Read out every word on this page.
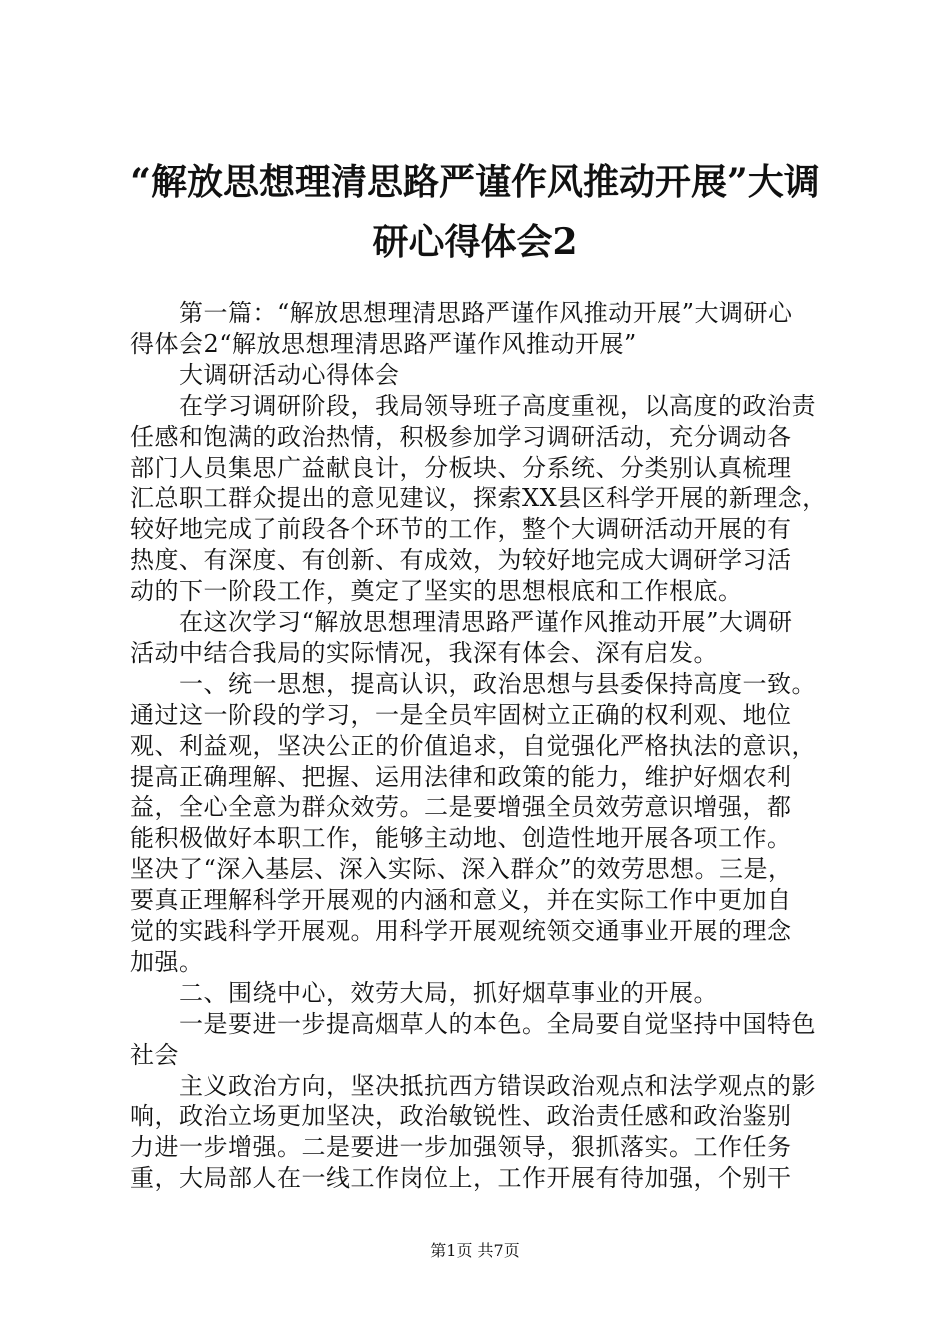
“解放思想理清思路严谨作风推动开展”大调
研心得体会2
　　第一篇：“解放思想理清思路严谨作风推动开展”大调研心
得体会2“解放思想理清思路严谨作风推动开展”
　　大调研活动心得体会
　　在学习调研阶段，我局领导班子高度重视，以高度的政治责
任感和饱满的政治热情，积极参加学习调研活动，充分调动各
部门人员集思广益献良计，分板块、分系统、分类别认真梳理
汇总职工群众提出的意见建议，探索XX县区科学开展的新理念，
较好地完成了前段各个环节的工作，整个大调研活动开展的有
热度、有深度、有创新、有成效，为较好地完成大调研学习活
动的下一阶段工作，奠定了坚实的思想根底和工作根底。
　　在这次学习“解放思想理清思路严谨作风推动开展”大调研
活动中结合我局的实际情况，我深有体会、深有启发。
　　一、统一思想，提高认识，政治思想与县委保持高度一致。
通过这一阶段的学习，一是全员牢固树立正确的权利观、地位
观、利益观，坚决公正的价值追求，自觉强化严格执法的意识，
提高正确理解、把握、运用法律和政策的能力，维护好烟农利
益，全心全意为群众效劳。二是要增强全员效劳意识增强，都
能积极做好本职工作，能够主动地、创造性地开展各项工作。
坚决了“深入基层、深入实际、深入群众”的效劳思想。三是，
要真正理解科学开展观的内涵和意义，并在实际工作中更加自
觉的实践科学开展观。用科学开展观统领交通事业开展的理念
加强。
　　二、围绕中心，效劳大局，抓好烟草事业的开展。
　　一是要进一步提高烟草人的本色。全局要自觉坚持中国特色
社会
　　主义政治方向，坚决抵抗西方错误政治观点和法学观点的影
响，政治立场更加坚决，政治敏锐性、政治责任感和政治鉴别
力进一步增强。二是要进一步加强领导，狠抓落实。工作任务
重，大局部人在一线工作岗位上，工作开展有待加强，个别干
第1页 共7页
